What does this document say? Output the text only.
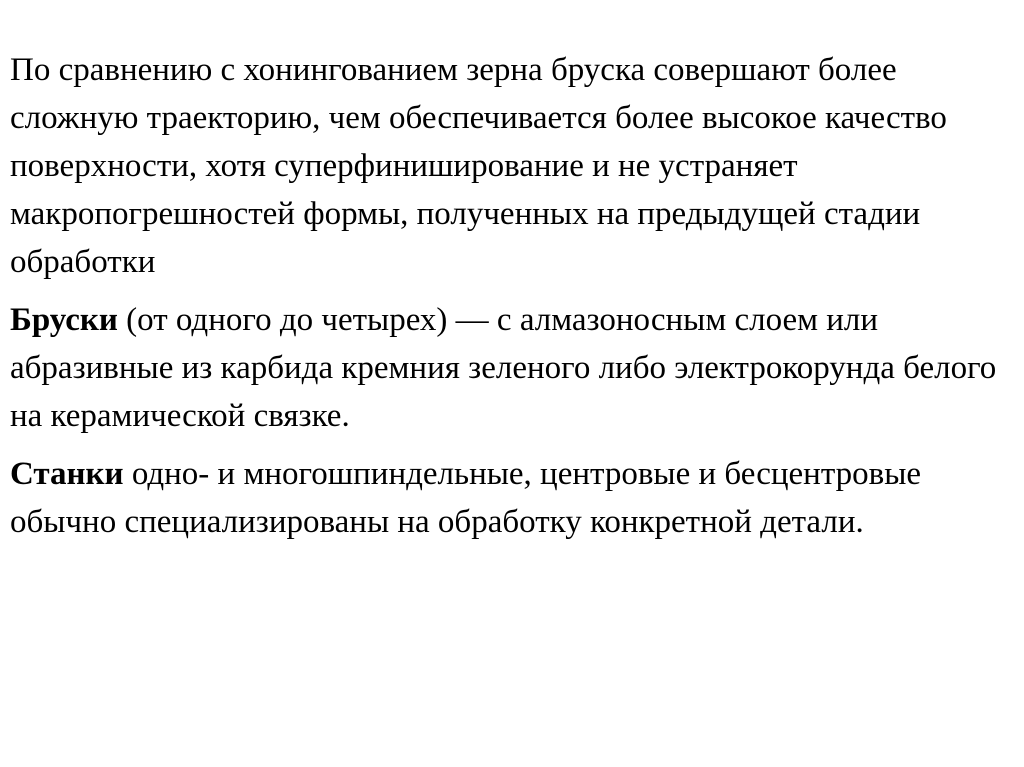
По сравнению с хонингованием зерна бруска совершают более сложную траекторию, чем обеспечивается более высокое качество поверхности, хотя суперфиниширование и не устраняет макропогрешностей формы, полученных на предыдущей стадии обработки

Бруски (от одного до четырех) — с алмазоносным слоем или абразивные из карбида кремния зеленого либо электрокорунда белого на керамической связке.

Станки одно- и многошпиндельные, центровые и бесцентровые обычно специализированы на обработку конкретной детали.
